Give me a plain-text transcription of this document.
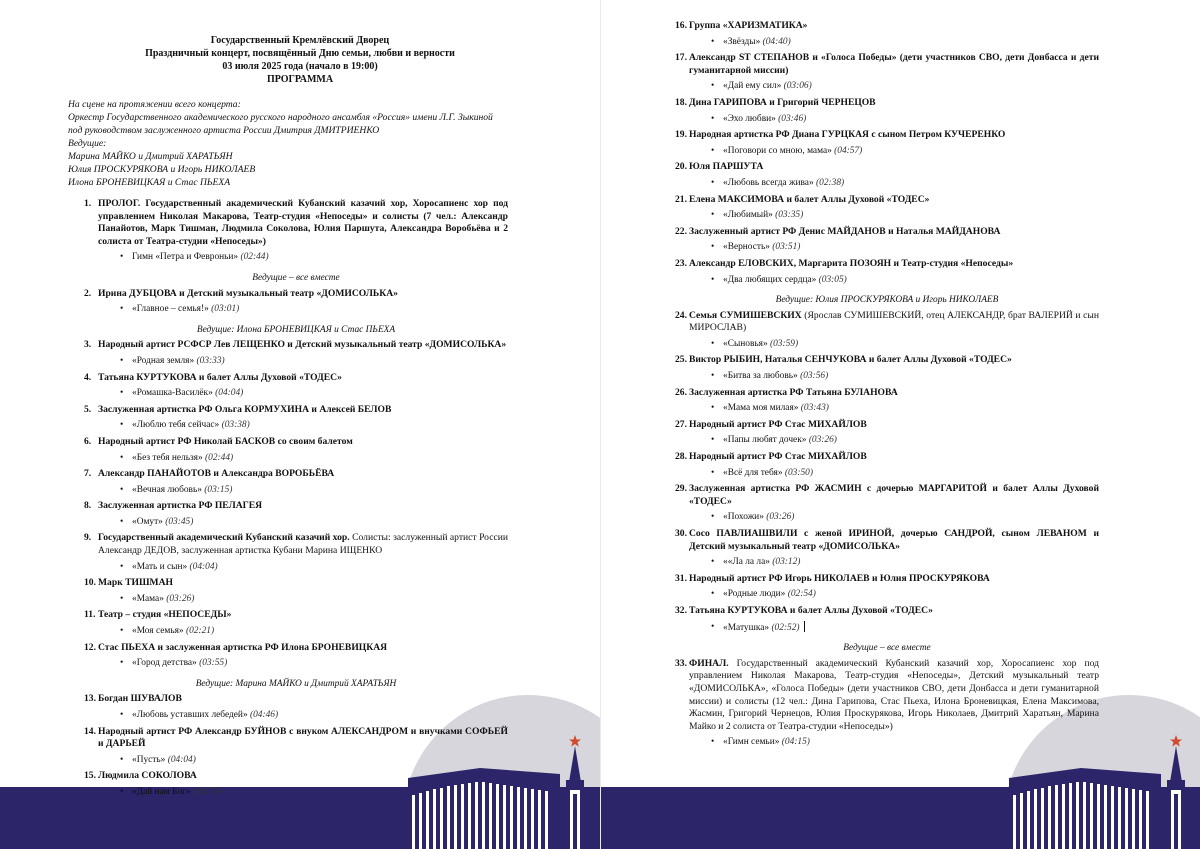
Государственный Кремлёвский Дворец
Праздничный концерт, посвящённый Дню семьи, любви и верности
03 июля 2025 года (начало в 19:00)
ПРОГРАММА
На сцене на протяжении всего концерта:
Оркестр Государственного академического русского народного ансамбля «Россия» имени Л.Г. Зыкиной под руководством заслуженного артиста России Дмитрия ДМИТРИЕНКО
Ведущие:
Марина МАЙКО и Дмитрий ХАРАТЬЯН
Юлия ПРОСКУРЯКОВА и Игорь НИКОЛАЕВ
Илона БРОНЕВИЦКАЯ и Стас ПЬЕХА
1. ПРОЛОГ. Государственный академический Кубанский казачий хор, Хоросапиенс хор под управлением Николая Макарова, Театр-студия «Непоседы» и солисты (7 чел.: Александр Панайотов, Марк Тишман, Людмила Соколова, Юлия Паршута, Александра Воробьёва и 2 солиста от Театра-студии «Непоседы»)
• Гимн «Петра и Февроньи» (02:44)
Ведущие – все вместе
2. Ирина ДУБЦОВА и Детский музыкальный театр «ДОМИСОЛЬКА»
• «Главное – семья!» (03:01)
Ведущие: Илона БРОНЕВИЦКАЯ и Стас ПЬЕХА
3. Народный артист РСФСР Лев ЛЕЩЕНКО и Детский музыкальный театр «ДОМИСОЛЬКА»
• «Родная земля» (03:33)
4. Татьяна КУРТУКОВА и балет Аллы Духовой «ТОДЕС»
• «Ромашка-Василёк» (04:04)
5. Заслуженная артистка РФ Ольга КОРМУХИНА и Алексей БЕЛОВ
• «Люблю тебя сейчас» (03:38)
6. Народный артист РФ Николай БАСКОВ со своим балетом
• «Без тебя нельзя» (02:44)
7. Александр ПАНАЙОТОВ и Александра ВОРОБЬЁВА
• «Вечная любовь» (03:15)
8. Заслуженная артистка РФ ПЕЛАГЕЯ
• «Омут» (03:45)
9. Государственный академический Кубанский казачий хор. Солисты: заслуженный артист России Александр ДЕДОВ, заслуженная артистка Кубани Марина ИЩЕНКО
• «Мать и сын» (04:04)
10. Марк ТИШМАН
• «Мама» (03:26)
11. Театр – студия «НЕПОСЕДЫ»
• «Моя семья» (02:21)
12. Стас ПЬЕХА и заслуженная артистка РФ Илона БРОНЕВИЦКАЯ
• «Город детства» (03:55)
Ведущие: Марина МАЙКО и Дмитрий ХАРАТЬЯН
13. Богдан ШУВАЛОВ
• «Любовь уставших лебедей» (04:46)
14. Народный артист РФ Александр БУЙНОВ с внуком АЛЕКСАНДРОМ и внучками СОФЬЕЙ и ДАРЬЕЙ
• «Пусть» (04:04)
15. Людмила СОКОЛОВА
• «Дай нам Бог» (03:53)
16. Группа «ХАРИЗМАТИКА»
• «Звёзды» (04:40)
17. Александр ST СТЕПАНОВ и «Голоса Победы» (дети участников СВО, дети Донбасса и дети гуманитарной миссии)
• «Дай ему сил» (03:06)
18. Дина ГАРИПОВА и Григорий ЧЕРНЕЦОВ
• «Эхо любви» (03:46)
19. Народная артистка РФ Диана ГУРЦКАЯ с сыном Петром КУЧЕРЕНКО
• «Поговори со мною, мама» (04:57)
20. Юля ПАРШУТА
• «Любовь всегда жива» (02:38)
21. Елена МАКСИМОВА и балет Аллы Духовой «ТОДЕС»
• «Любимый» (03:35)
22. Заслуженный артист РФ Денис МАЙДАНОВ и Наталья МАЙДАНОВА
• «Верность» (03:51)
23. Александр ЕЛОВСКИХ, Маргарита ПОЗОЯН и Театр-студия «Непоседы»
• «Два любящих сердца» (03:05)
Ведущие: Юлия ПРОСКУРЯКОВА и Игорь НИКОЛАЕВ
24. Семья СУМИШЕВСКИХ (Ярослав СУМИШЕВСКИЙ, отец АЛЕКСАНДР, брат ВАЛЕРИЙ и сын МИРОСЛАВ)
• «Сыновья» (03:59)
25. Виктор РЫБИН, Наталья СЕНЧУКОВА и балет Аллы Духовой «ТОДЕС»
• «Битва за любовь» (03:56)
26. Заслуженная артистка РФ Татьяна БУЛАНОВА
• «Мама моя милая» (03:43)
27. Народный артист РФ Стас МИХАЙЛОВ
• «Папы любят дочек» (03:26)
28. Народный артист РФ Стас МИХАЙЛОВ
• «Всё для тебя» (03:50)
29. Заслуженная артистка РФ ЖАСМИН с дочерью МАРГАРИТОЙ и балет Аллы Духовой «ТОДЕС»
• «Похожи» (03:26)
30. Сосо ПАВЛИАШВИЛИ с женой ИРИНОЙ, дочерью САНДРОЙ, сыном ЛЕВАНОМ и Детский музыкальный театр «ДОМИСОЛЬКА»
• ««Ла ла ла» (03:12)
31. Народный артист РФ Игорь НИКОЛАЕВ и Юлия ПРОСКУРЯКОВА
• «Родные люди» (02:54)
32. Татьяна КУРТУКОВА и балет Аллы Духовой «ТОДЕС»
• «Матушка» (02:52)
Ведущие – все вместе
33. ФИНАЛ. Государственный академический Кубанский казачий хор, Хоросапиенс хор под управлением Николая Макарова, Театр-студия «Непоседы», Детский музыкальный театр «ДОМИСОЛЬКА», «Голоса Победы» (дети участников СВО, дети Донбасса и дети гуманитарной миссии) и солисты (12 чел.: Дина Гарипова, Стас Пьеха, Илона Броневицкая, Елена Максимова, Жасмин, Григорий Чернецов, Юлия Проскурякова, Игорь Николаев, Дмитрий Харатьян, Марина Майко и 2 солиста от Театра-студии «Непоседы»)
• «Гимн семьи» (04:15)
